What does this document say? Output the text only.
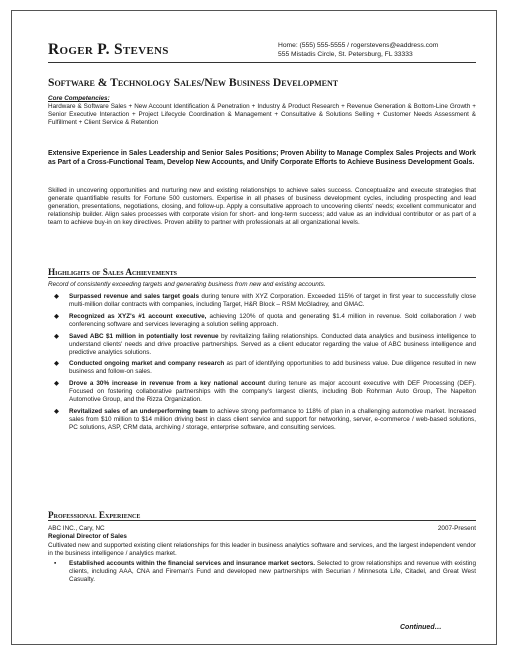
Roger P. Stevens	Home: (555) 555-5555 / rogerstevens@eaddress.com
555 Mistadis Circle, St. Petersburg, FL 33333
Software & Technology Sales/New Business Development
Core Competencies:
Hardware & Software Sales + New Account Identification & Penetration + Industry & Product Research + Revenue Generation & Bottom-Line Growth + Senior Executive Interaction + Project Lifecycle Coordination & Management + Consultative & Solutions Selling + Customer Needs Assessment & Fulfillment + Client Service & Retention
Extensive Experience in Sales Leadership and Senior Sales Positions; Proven Ability to Manage Complex Sales Projects and Work as Part of a Cross-Functional Team, Develop New Accounts, and Unify Corporate Efforts to Achieve Business Development Goals.
Skilled in uncovering opportunities and nurturing new and existing relationships to achieve sales success. Conceptualize and execute strategies that generate quantifiable results for Fortune 500 customers. Expertise in all phases of business development cycles, including prospecting and lead generation, presentations, negotiations, closing, and follow-up. Apply a consultative approach to uncovering clients' needs; excellent communicator and relationship builder. Align sales processes with corporate vision for short- and long-term success; add value as an individual contributor or as part of a team to achieve buy-in on key directives. Proven ability to partner with professionals at all organizational levels.
Highlights of Sales Achievements
Record of consistently exceeding targets and generating business from new and existing accounts.
◆ Surpassed revenue and sales target goals during tenure with XYZ Corporation. Exceeded 115% of target in first year to successfully close multi-million dollar contracts with companies, including Target, H&R Block – RSM McGladrey, and GMAC.
◆ Recognized as XYZ's #1 account executive, achieving 120% of quota and generating $1.4 million in revenue. Sold collaboration / web conferencing software and services leveraging a solution selling approach.
◆ Saved ABC $1 million in potentially lost revenue by revitalizing failing relationships. Conducted data analytics and business intelligence to understand clients' needs and drive proactive partnerships. Served as a client educator regarding the value of ABC business intelligence and predictive analytics solutions.
◆ Conducted ongoing market and company research as part of identifying opportunities to add business value. Due diligence resulted in new business and follow-on sales.
◆ Drove a 30% increase in revenue from a key national account during tenure as major account executive with DEF Processing (DEF). Focused on fostering collaborative partnerships with the company's largest clients, including Bob Rohrman Auto Group, The Napelton Automotive Group, and the Rizza Organization.
◆ Revitalized sales of an underperforming team to achieve strong performance to 118% of plan in a challenging automotive market. Increased sales from $10 million to $14 million driving best in class client service and support for networking, server, e-commerce / web-based solutions, PC solutions, ASP, CRM data, archiving / storage, enterprise software, and consulting services.
Professional Experience
ABC INC., Cary, NC	2007-Present
Regional Director of Sales
Cultivated new and supported existing client relationships for this leader in business analytics software and services, and the largest independent vendor in the business intelligence / analytics market.
▪ Established accounts within the financial services and insurance market sectors. Selected to grow relationships and revenue with existing clients, including AAA, CNA and Fireman's Fund and developed new partnerships with Securian / Minnesota Life, Citadel, and Great West Casualty.
Continued…
